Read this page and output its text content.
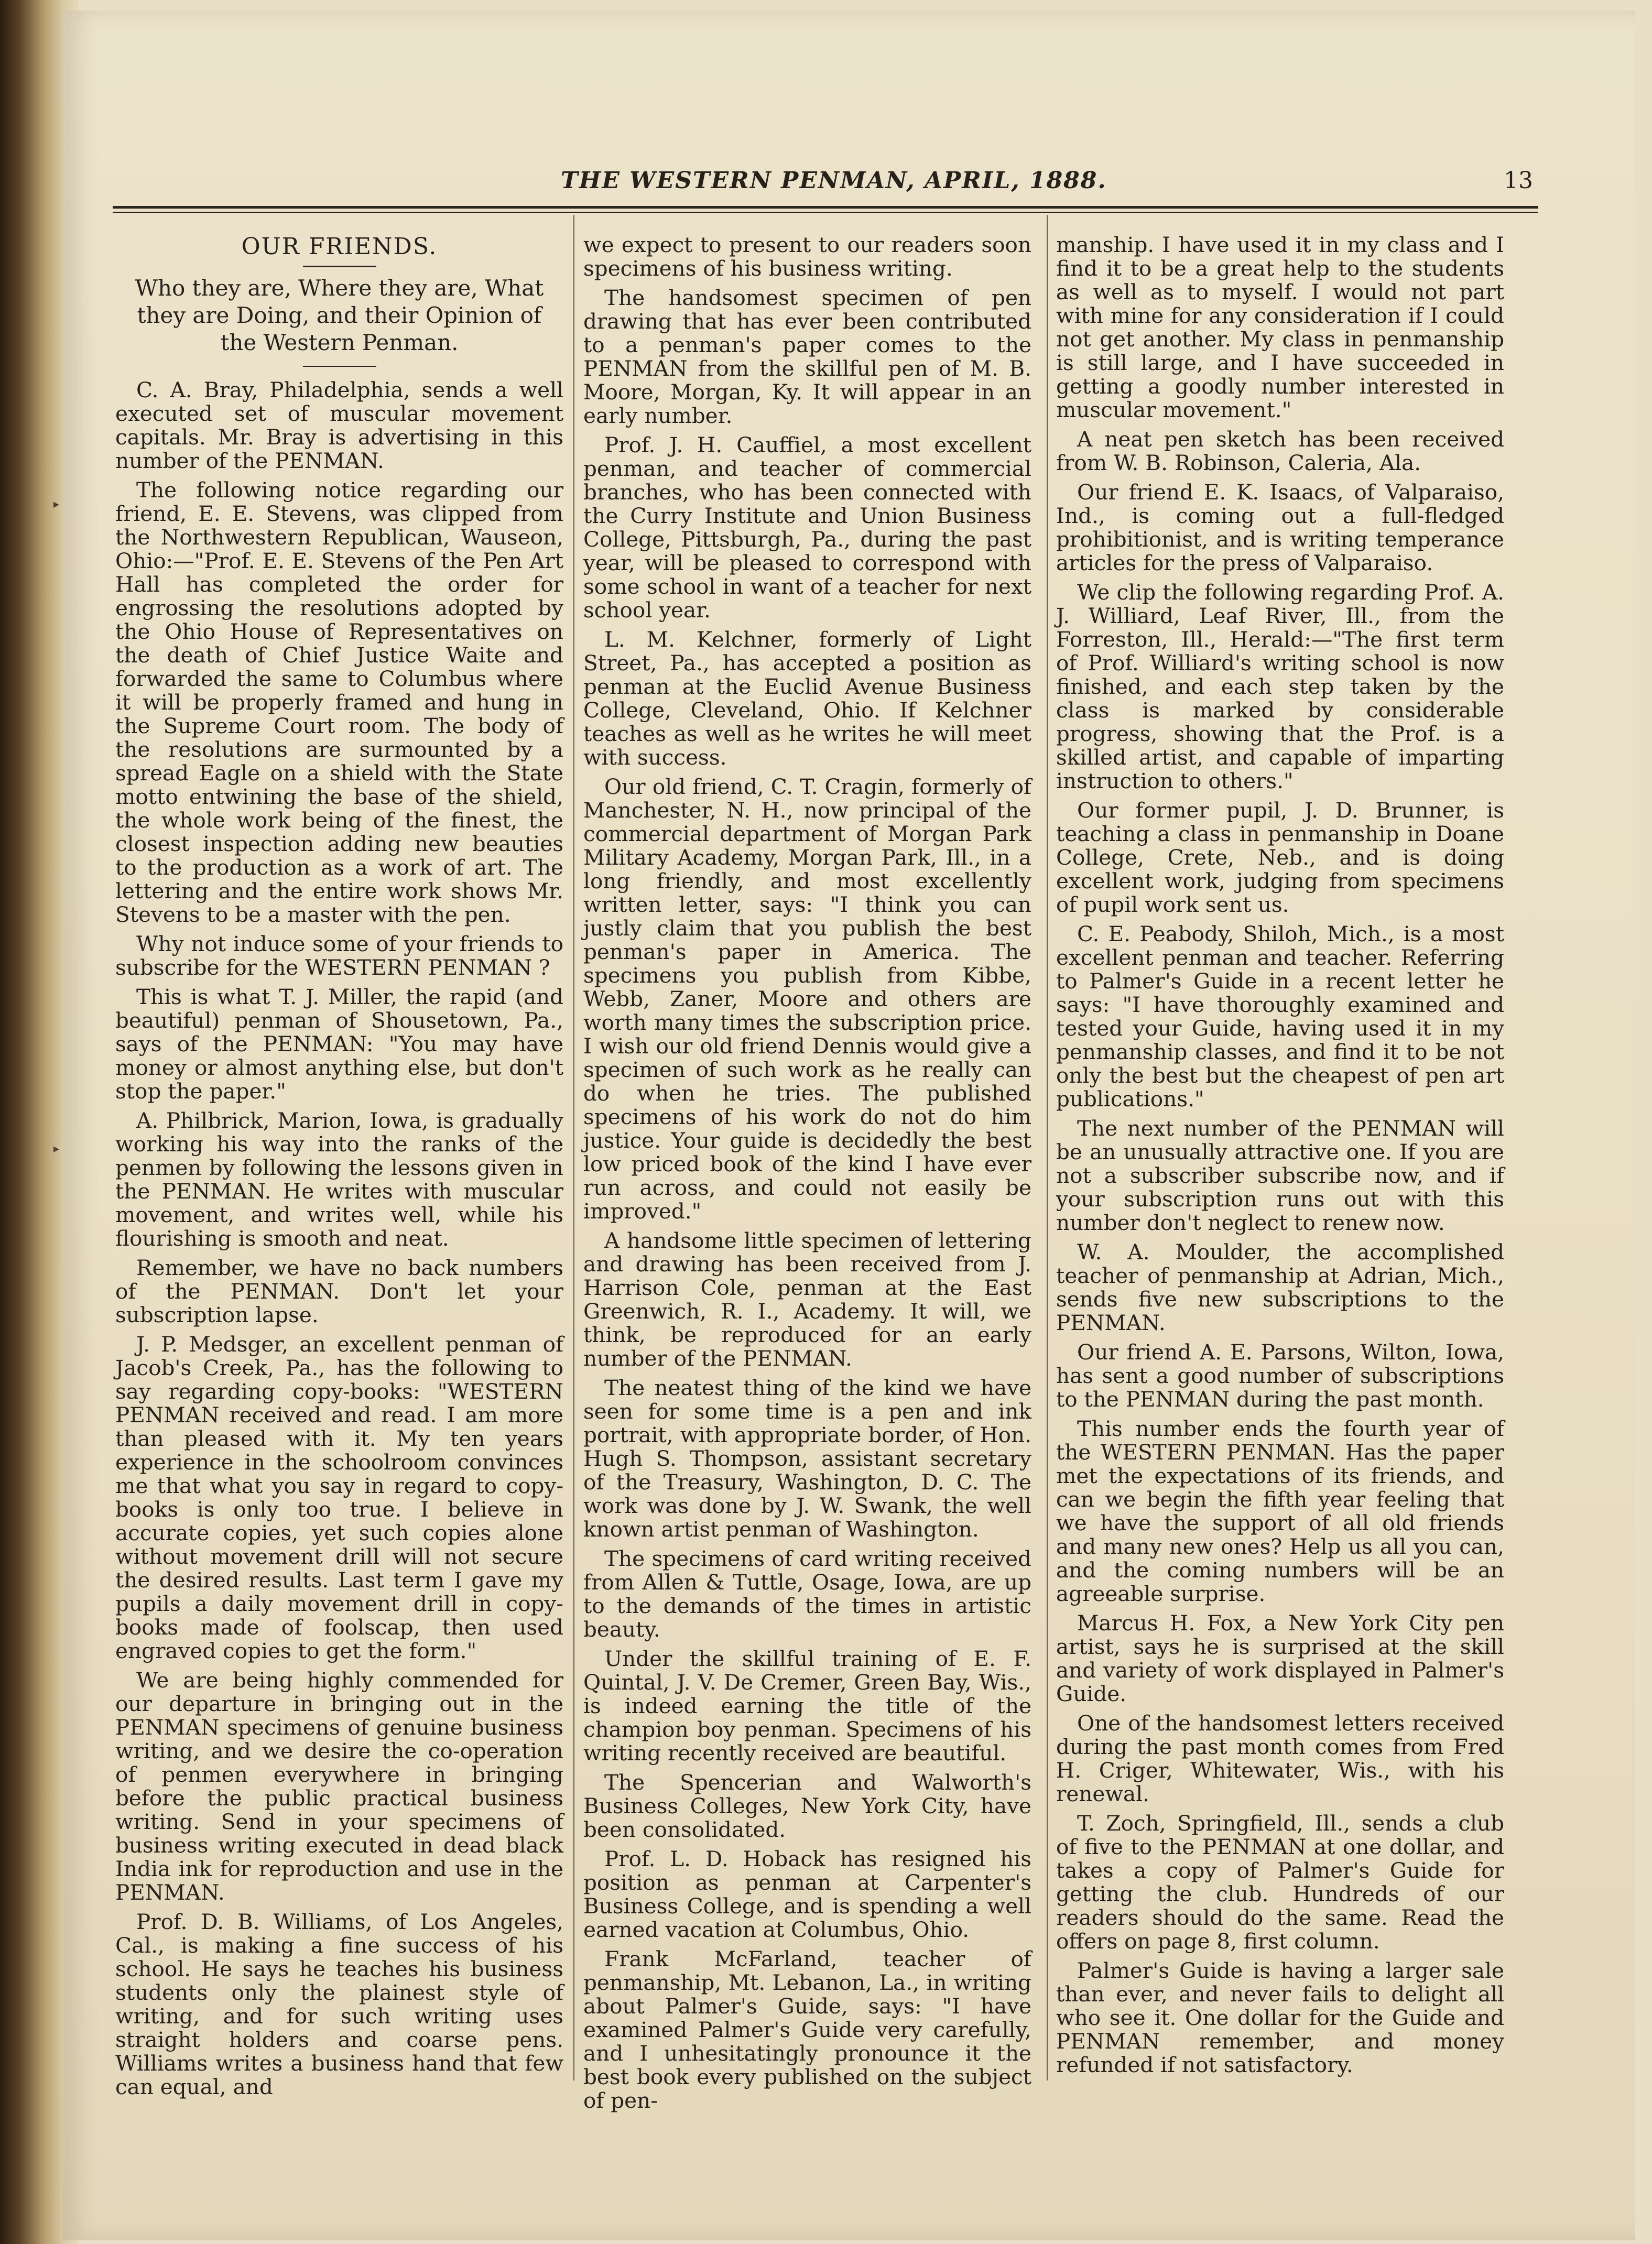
THE WESTERN PENMAN, APRIL, 1888.	13
▸
▸
OUR FRIENDS.
Who they are, Where they are, What they are Doing, and their Opinion of the Western Penman.

C. A. Bray, Philadelphia, sends a well executed set of muscular movement capitals. Mr. Bray is advertising in this number of the PENMAN.

The following notice regarding our friend, E. E. Stevens, was clipped from the Northwestern Republican, Wauseon, Ohio:—"Prof. E. E. Stevens of the Pen Art Hall has completed the order for engrossing the resolutions adopted by the Ohio House of Representatives on the death of Chief Justice Waite and forwarded the same to Columbus where it will be properly framed and hung in the Supreme Court room. The body of the resolutions are surmounted by a spread Eagle on a shield with the State motto entwining the base of the shield, the whole work being of the finest, the closest inspection adding new beauties to the production as a work of art. The lettering and the entire work shows Mr. Stevens to be a master with the pen.

Why not induce some of your friends to subscribe for the WESTERN PENMAN ?

This is what T. J. Miller, the rapid (and beautiful) penman of Shousetown, Pa., says of the PENMAN: "You may have money or almost anything else, but don't stop the paper."

A. Philbrick, Marion, Iowa, is gradually working his way into the ranks of the penmen by following the lessons given in the PENMAN. He writes with muscular movement, and writes well, while his flourishing is smooth and neat.

Remember, we have no back numbers of the PENMAN. Don't let your subscription lapse.

J. P. Medsger, an excellent penman of Jacob's Creek, Pa., has the following to say regarding copy-books: "WESTERN PENMAN received and read. I am more than pleased with it. My ten years experience in the schoolroom convinces me that what you say in regard to copy-books is only too true. I believe in accurate copies, yet such copies alone without movement drill will not secure the desired results. Last term I gave my pupils a daily movement drill in copy-books made of foolscap, then used engraved copies to get the form."

We are being highly commended for our departure in bringing out in the PENMAN specimens of genuine business writing, and we desire the co-operation of penmen everywhere in bringing before the public practical business writing. Send in your specimens of business writing executed in dead black India ink for reproduction and use in the PENMAN.

Prof. D. B. Williams, of Los Angeles, Cal., is making a fine success of his school. He says he teaches his business students only the plainest style of writing, and for such writing uses straight holders and coarse pens. Williams writes a business hand that few can equal, and

we expect to present to our readers soon specimens of his business writing.

The handsomest specimen of pen drawing that has ever been contributed to a penman's paper comes to the PENMAN from the skillful pen of M. B. Moore, Morgan, Ky. It will appear in an early number.

Prof. J. H. Cauffiel, a most excellent penman, and teacher of commercial branches, who has been connected with the Curry Institute and Union Business College, Pittsburgh, Pa., during the past year, will be pleased to correspond with some school in want of a teacher for next school year.

L. M. Kelchner, formerly of Light Street, Pa., has accepted a position as penman at the Euclid Avenue Business College, Cleveland, Ohio. If Kelchner teaches as well as he writes he will meet with success.

Our old friend, C. T. Cragin, formerly of Manchester, N. H., now principal of the commercial department of Morgan Park Military Academy, Morgan Park, Ill., in a long friendly, and most excellently written letter, says: "I think you can justly claim that you publish the best penman's paper in America. The specimens you publish from Kibbe, Webb, Zaner, Moore and others are worth many times the subscription price. I wish our old friend Dennis would give a specimen of such work as he really can do when he tries. The published specimens of his work do not do him justice. Your guide is decidedly the best low priced book of the kind I have ever run across, and could not easily be improved."

A handsome little specimen of lettering and drawing has been received from J. Harrison Cole, penman at the East Greenwich, R. I., Academy. It will, we think, be reproduced for an early number of the PENMAN.

The neatest thing of the kind we have seen for some time is a pen and ink portrait, with appropriate border, of Hon. Hugh S. Thompson, assistant secretary of the Treasury, Washington, D. C. The work was done by J. W. Swank, the well known artist penman of Washington.

The specimens of card writing received from Allen & Tuttle, Osage, Iowa, are up to the demands of the times in artistic beauty.

Under the skillful training of E. F. Quintal, J. V. De Cremer, Green Bay, Wis., is indeed earning the title of the champion boy penman. Specimens of his writing recently received are beautiful.

The Spencerian and Walworth's Business Colleges, New York City, have been consolidated.

Prof. L. D. Hoback has resigned his position as penman at Carpenter's Business College, and is spending a well earned vacation at Columbus, Ohio.

Frank McFarland, teacher of penmanship, Mt. Lebanon, La., in writing about Palmer's Guide, says: "I have examined Palmer's Guide very carefully, and I unhesitatingly pronounce it the best book every published on the subject of pen-

manship. I have used it in my class and I find it to be a great help to the students as well as to myself. I would not part with mine for any consideration if I could not get another. My class in penmanship is still large, and I have succeeded in getting a goodly number interested in muscular movement."

A neat pen sketch has been received from W. B. Robinson, Caleria, Ala.

Our friend E. K. Isaacs, of Valparaiso, Ind., is coming out a full-fledged prohibitionist, and is writing temperance articles for the press of Valparaiso.

We clip the following regarding Prof. A. J. Williard, Leaf River, Ill., from the Forreston, Ill., Herald:—"The first term of Prof. Williard's writing school is now finished, and each step taken by the class is marked by considerable progress, showing that the Prof. is a skilled artist, and capable of imparting instruction to others."

Our former pupil, J. D. Brunner, is teaching a class in penmanship in Doane College, Crete, Neb., and is doing excellent work, judging from specimens of pupil work sent us.

C. E. Peabody, Shiloh, Mich., is a most excellent penman and teacher. Referring to Palmer's Guide in a recent letter he says: "I have thoroughly examined and tested your Guide, having used it in my penmanship classes, and find it to be not only the best but the cheapest of pen art publications."

The next number of the PENMAN will be an unusually attractive one. If you are not a subscriber subscribe now, and if your subscription runs out with this number don't neglect to renew now.

W. A. Moulder, the accomplished teacher of penmanship at Adrian, Mich., sends five new subscriptions to the PENMAN.

Our friend A. E. Parsons, Wilton, Iowa, has sent a good number of subscriptions to the PENMAN during the past month.

This number ends the fourth year of the WESTERN PENMAN. Has the paper met the expectations of its friends, and can we begin the fifth year feeling that we have the support of all old friends and many new ones? Help us all you can, and the coming numbers will be an agreeable surprise.

Marcus H. Fox, a New York City pen artist, says he is surprised at the skill and variety of work displayed in Palmer's Guide.

One of the handsomest letters received during the past month comes from Fred H. Criger, Whitewater, Wis., with his renewal.

T. Zoch, Springfield, Ill., sends a club of five to the PENMAN at one dollar, and takes a copy of Palmer's Guide for getting the club. Hundreds of our readers should do the same. Read the offers on page 8, first column.

Palmer's Guide is having a larger sale than ever, and never fails to delight all who see it. One dollar for the Guide and PENMAN remember, and money refunded if not satisfactory.
